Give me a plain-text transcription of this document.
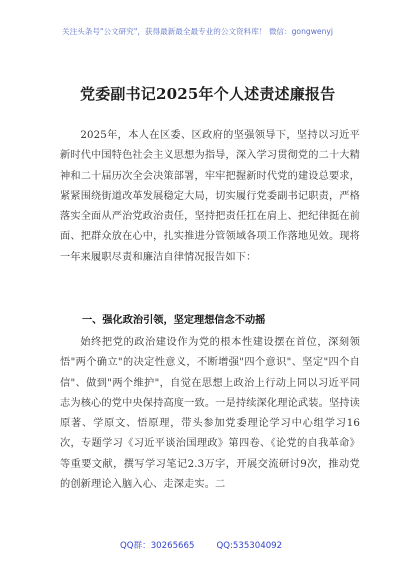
关注头条号"公文研究"，获得最新最全最专业的公文资料库！ 微信：gongwenyj
党委副书记2025年个人述责述廉报告

2025年，本人在区委、区政府的坚强领导下，坚持以习近平新时代中国特色社会主义思想为指导，深入学习贯彻党的二十大精神和二十届历次全会决策部署，牢牢把握新时代党的建设总要求，紧紧围绕街道改革发展稳定大局，切实履行党委副书记职责，严格落实全面从严治党政治责任，坚持把责任扛在肩上、把纪律挺在前面、把群众放在心中，扎实推进分管领域各项工作落地见效。现将一年来履职尽责和廉洁自律情况报告如下：

一、强化政治引领，坚定理想信念不动摇

始终把党的政治建设作为党的根本性建设摆在首位，深刻领悟"两个确立"的决定性意义，不断增强"四个意识"、坚定"四个自信"、做到"两个维护"，自觉在思想上政治上行动上同以习近平同志为核心的党中央保持高度一致。一是持续深化理论武装。坚持读原著、学原文、悟原理，带头参加党委理论学习中心组学习16次，专题学习《习近平谈治国理政》第四卷、《论党的自我革命》等重要文献，撰写学习笔记2.3万字，开展交流研讨9次，推动党的创新理论入脑入心、走深走实。二

QQ群：30265665	QQ:535304092
